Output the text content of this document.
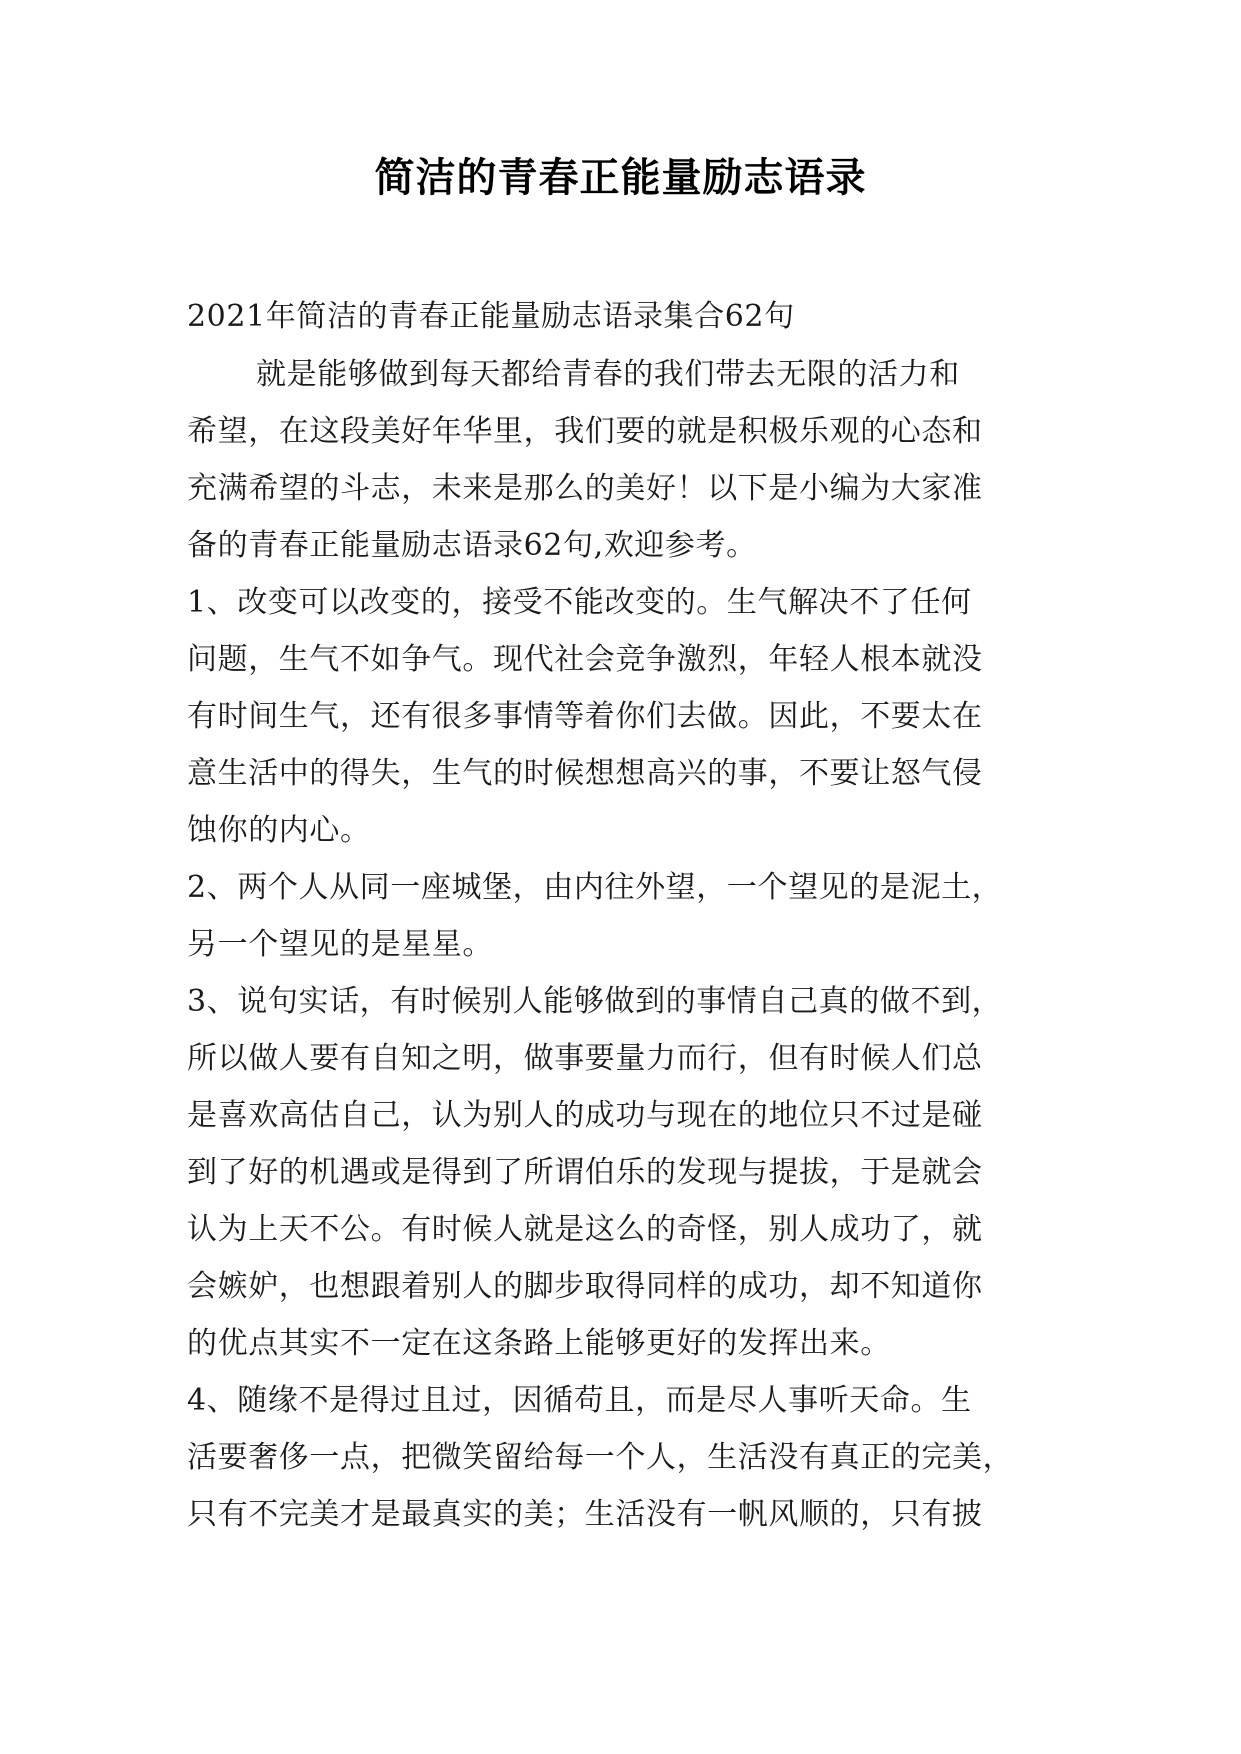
简洁的青春正能量励志语录
2021年简洁的青春正能量励志语录集合62句
就是能够做到每天都给青春的我们带去无限的活力和
希望，在这段美好年华里，我们要的就是积极乐观的心态和
充满希望的斗志，未来是那么的美好！以下是小编为大家准
备的青春正能量励志语录62句,欢迎参考。
1、改变可以改变的，接受不能改变的。生气解决不了任何
问题，生气不如争气。现代社会竞争激烈，年轻人根本就没
有时间生气，还有很多事情等着你们去做。因此，不要太在
意生活中的得失，生气的时候想想高兴的事，不要让怒气侵
蚀你的内心。
2、两个人从同一座城堡，由内往外望，一个望见的是泥土，
另一个望见的是星星。
3、说句实话，有时候别人能够做到的事情自己真的做不到，
所以做人要有自知之明，做事要量力而行，但有时候人们总
是喜欢高估自己，认为别人的成功与现在的地位只不过是碰
到了好的机遇或是得到了所谓伯乐的发现与提拔，于是就会
认为上天不公。有时候人就是这么的奇怪，别人成功了，就
会嫉妒，也想跟着别人的脚步取得同样的成功，却不知道你
的优点其实不一定在这条路上能够更好的发挥出来。
4、随缘不是得过且过，因循苟且，而是尽人事听天命。生
活要奢侈一点，把微笑留给每一个人，生活没有真正的完美，
只有不完美才是最真实的美；生活没有一帆风顺的，只有披
